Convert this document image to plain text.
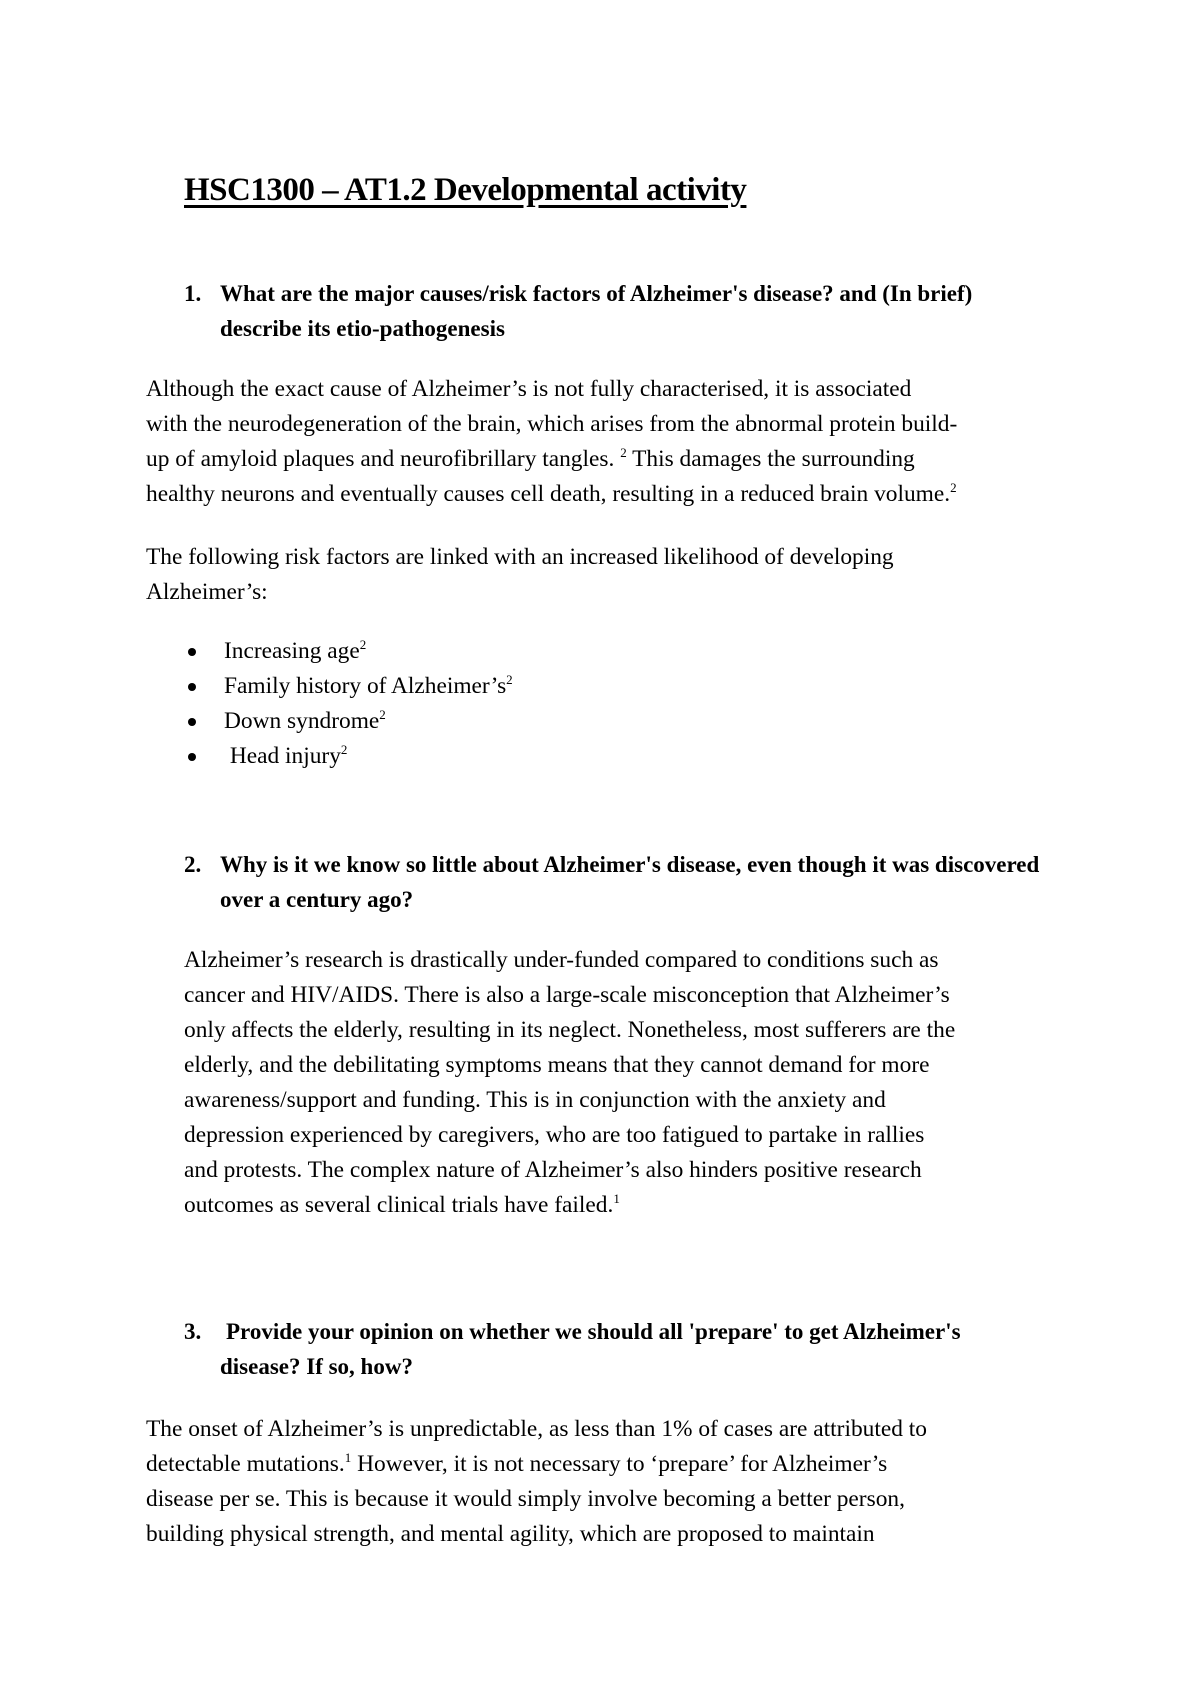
HSC1300 – AT1.2 Developmental activity
1. What are the major causes/risk factors of Alzheimer's disease? and (In brief) describe its etio-pathogenesis
Although the exact cause of Alzheimer’s is not fully characterised, it is associated
with the neurodegeneration of the brain, which arises from the abnormal protein build-
up of amyloid plaques and neurofibrillary tangles. $^2$ This damages the surrounding
healthy neurons and eventually causes cell death, resulting in a reduced brain volume.$^2$
The following risk factors are linked with an increased likelihood of developing
Alzheimer’s:
Increasing age$^2$
Family history of $Alzheimer’s^2$
Down syndrome$^2$
Head injury$^2$
2. Why is it we know so little about Alzheimer's disease, even though it was discovered over a century ago?
Alzheimer’s research is drastically under-funded compared to conditions such as
cancer and HIV/AIDS. There is also a large-scale misconception that Alzheimer’s
only affects the elderly, resulting in its neglect. Nonetheless, most sufferers are the
elderly, and the debilitating symptoms means that they cannot demand for more
awareness/support and funding. This is in conjunction with the anxiety and
depression experienced by caregivers, who are too fatigued to partake in rallies
and protests. The complex nature of Alzheimer’s also hinders positive research
outcomes as several clinical trials have failed.$^1$
3. Provide your opinion on whether we should all 'prepare' to get Alzheimer's disease? If so, how?
The onset of Alzheimer’s is unpredictable, as less than 1% of cases are attributed to
detectable mutations.$^1$ However, it is not necessary to ‘prepare’ for Alzheimer’s
disease per se. This is because it would simply involve becoming a better person,
building physical strength, and mental agility, which are proposed to maintain
